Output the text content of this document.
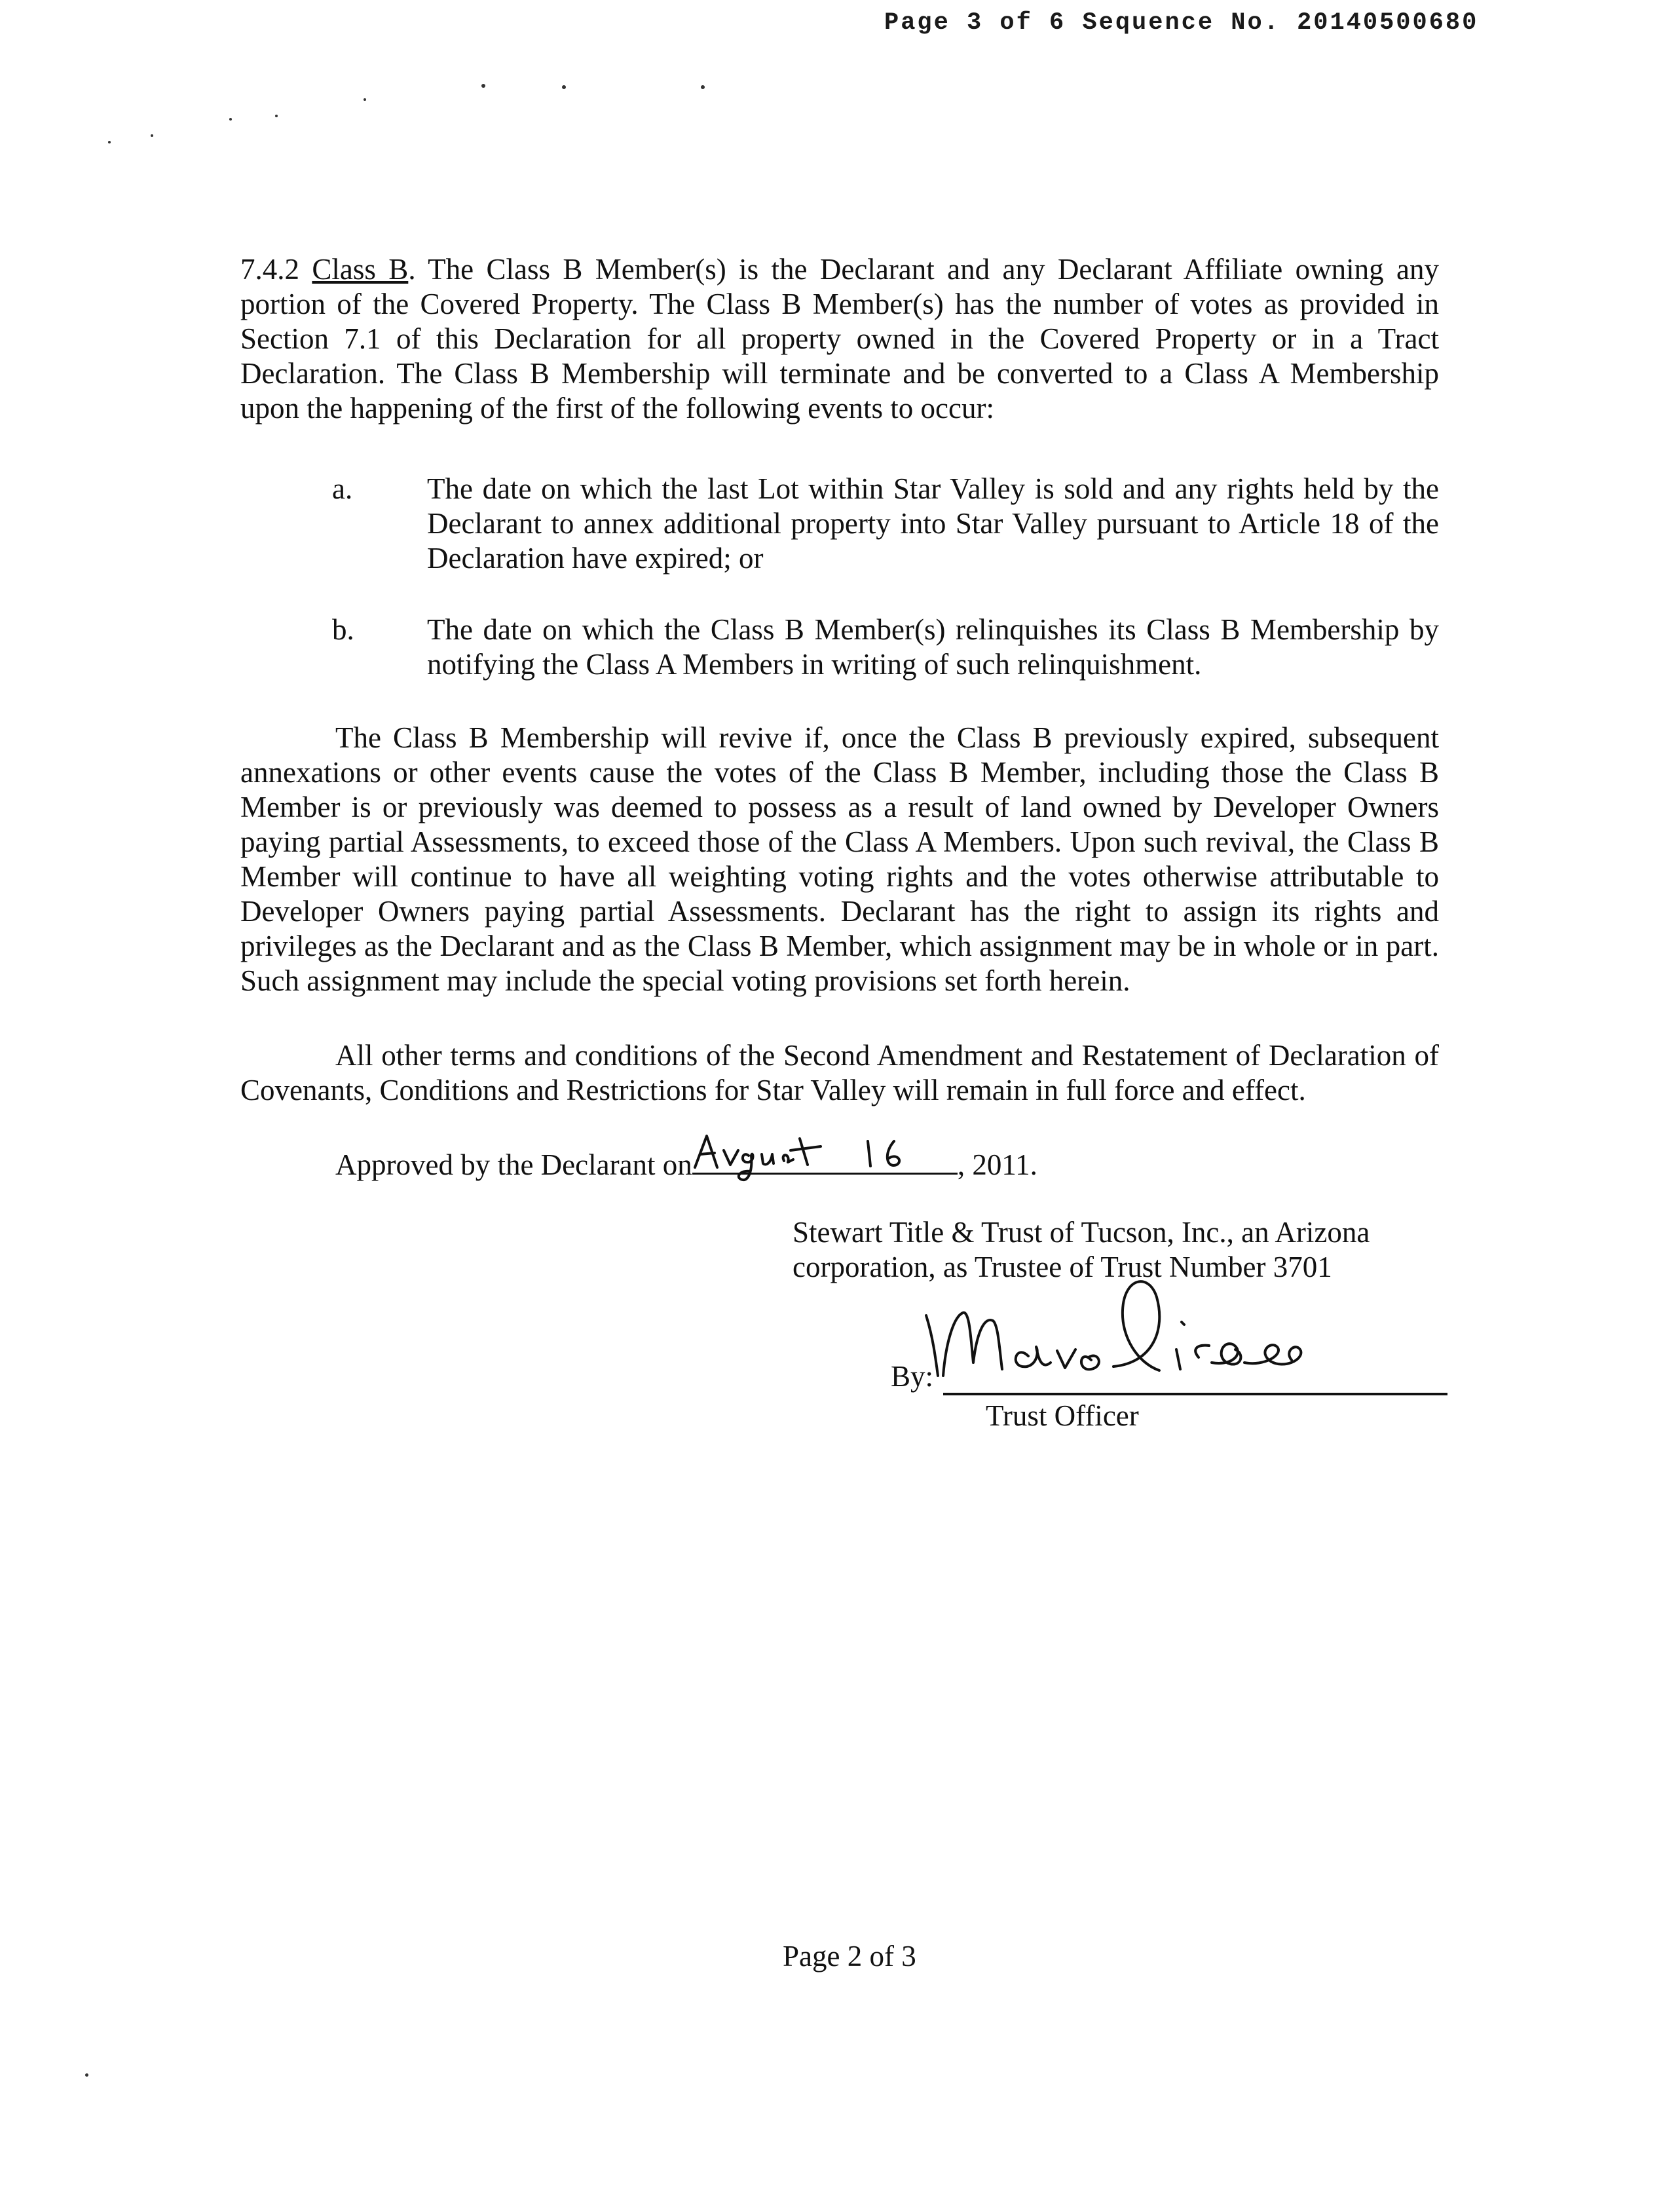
Page 3 of 6 Sequence No. 20140500680
7.4.2 Class B. The Class B Member(s) is the Declarant and any Declarant Affiliate owning any portion of the Covered Property. The Class B Member(s) has the number of votes as provided in Section 7.1 of this Declaration for all property owned in the Covered Property or in a Tract Declaration. The Class B Membership will terminate and be converted to a Class A Membership upon the happening of the first of the following events to occur:
a.	The date on which the last Lot within Star Valley is sold and any rights held by the Declarant to annex additional property into Star Valley pursuant to Article 18 of the Declaration have expired; or
b. The date on which the Class B Member(s) relinquishes its Class B Membership by notifying the Class A Members in writing of such relinquishment.
The Class B Membership will revive if, once the Class B previously expired, subsequent annexations or other events cause the votes of the Class B Member, including those the Class B Member is or previously was deemed to possess as a result of land owned by Developer Owners paying partial Assessments, to exceed those of the Class A Members. Upon such revival, the Class B Member will continue to have all weighting voting rights and the votes otherwise attributable to Developer Owners paying partial Assessments. Declarant has the right to assign its rights and privileges as the Declarant and as the Class B Member, which assignment may be in whole or in part. Such assignment may include the special voting provisions set forth herein.
All other terms and conditions of the Second Amendment and Restatement of Declaration of Covenants, Conditions and Restrictions for Star Valley will remain in full force and effect.
Approved by the Declarant on	, 2011.
Stewart Title & Trust of Tucson, Inc., an Arizona
corporation, as Trustee of Trust Number 3701
By:
Trust Officer
Page 2 of 3
